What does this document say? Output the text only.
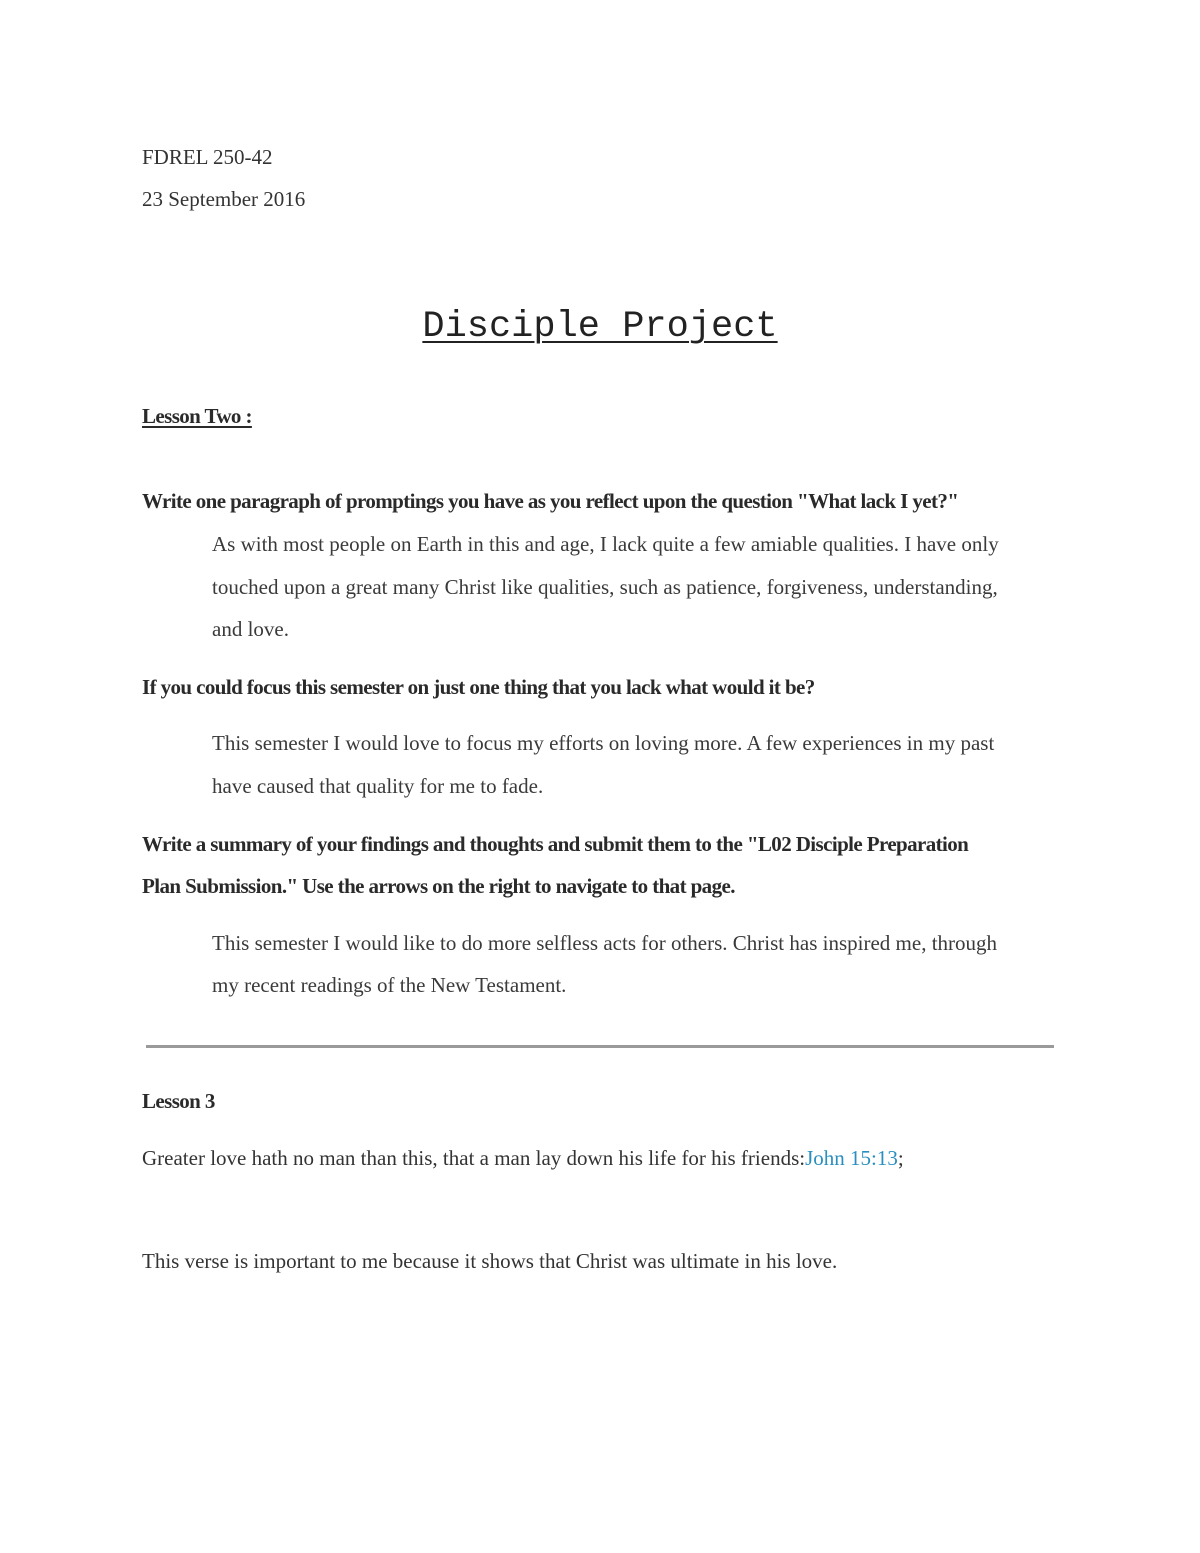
FDREL 250-42
23 September 2016
Disciple Project
Lesson Two :
Write one paragraph of promptings you have as you reflect upon the question "What lack I yet?"
As with most people on Earth in this and age, I lack quite a few amiable qualities. I have only
touched upon a great many Christ like qualities, such as patience, forgiveness, understanding,
and love.
If you could focus this semester on just one thing that you lack what would it be?
This semester I would love to focus my efforts on loving more. A few experiences in my past
have caused that quality for me to fade.
Write a summary of your findings and thoughts and submit them to the "L02 Disciple Preparation
Plan Submission." Use the arrows on the right to navigate to that page.
This semester I would like to do more selfless acts for others. Christ has inspired me, through
my recent readings of the New Testament.
Lesson 3
Greater love hath no man than this, that a man lay down his life for his friends:John 15:13;
This verse is important to me because it shows that Christ was ultimate in his love.
